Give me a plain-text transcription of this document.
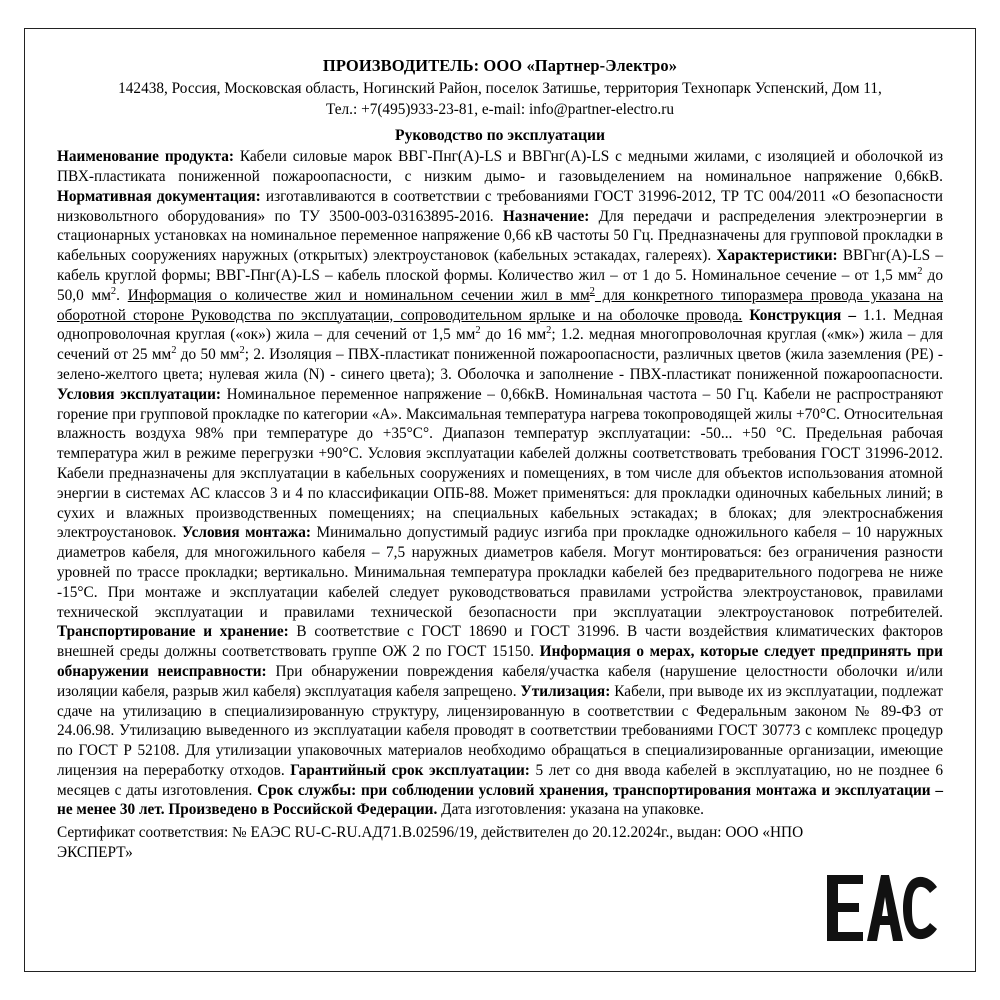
ПРОИЗВОДИТЕЛЬ: ООО «Партнер-Электро»
142438, Россия, Московская область, Ногинский Район, поселок Затишье, территория Технопарк Успенский, Дом 11,
Тел.: +7(495)933-23-81, e-mail: info@partner-electro.ru
Руководство по эксплуатации

Наименование продукта: Кабели силовые марок ВВГ-Пнг(А)-LS и ВВГнг(А)-LS с медными жилами, с изоляцией и оболочкой из ПВХ-пластиката пониженной пожароопасности, с низким дымо- и газовыделением на номинальное напряжение 0,66кВ. Нормативная документация: изготавливаются в соответствии с требованиями ГОСТ 31996-2012, ТР ТС 004/2011 «О безопасности низковольтного оборудования» по ТУ 3500-003-03163895-2016. Назначение: Для передачи и распределения электроэнергии в стационарных установках на номинальное переменное напряжение 0,66 кВ частоты 50 Гц. Предназначены для групповой прокладки в кабельных сооружениях наружных (открытых) электроустановок (кабельных эстакадах, галереях). Характеристики: ВВГнг(А)-LS – кабель круглой формы; ВВГ-Пнг(А)-LS – кабель плоской формы. Количество жил – от 1 до 5. Номинальное сечение – от 1,5 $мм^2$ до 50,0 $мм^2$. Информация о количестве жил и номинальном сечении жил в $мм^2$ для конкретного типоразмера провода указана на оборотной стороне Руководства по эксплуатации, сопроводительном ярлыке и на оболочке провода. Конструкция – 1.1. Медная однопроволочная круглая («ок») жила – для сечений от 1,5 $мм^2$ до 16 $мм^2$; 1.2. медная многопроволочная круглая («мк») жила – для сечений от 25 $мм^2$ до 50 $мм^2$; 2. Изоляция – ПВХ-пластикат пониженной пожароопасности, различных цветов (жила заземления (РЕ) - зелено-желтого цвета; нулевая жила (N) - синего цвета); 3. Оболочка и заполнение - ПВХ-пластикат пониженной пожароопасности. Условия эксплуатации: Номинальное переменное напряжение – 0,66кВ. Номинальная частота – 50 Гц. Кабели не распространяют горение при групповой прокладке по категории «А». Максимальная температура нагрева токопроводящей жилы +70°С. Относительная влажность воздуха 98% при температуре до +35°С°. Диапазон температур эксплуатации: -50... +50 °С. Предельная рабочая температура жил в режиме перегрузки +90°С. Условия эксплуатации кабелей должны соответствовать требования ГОСТ 31996-2012. Кабели предназначены для эксплуатации в кабельных сооружениях и помещениях, в том числе для объектов использования атомной энергии в системах АС классов 3 и 4 по классификации ОПБ-88. Может применяться: для прокладки одиночных кабельных линий; в сухих и влажных производственных помещениях; на специальных кабельных эстакадах; в блоках; для электроснабжения электроустановок. Условия монтажа: Минимально допустимый радиус изгиба при прокладке одножильного кабеля – 10 наружных диаметров кабеля, для многожильного кабеля – 7,5 наружных диаметров кабеля. Могут монтироваться: без ограничения разности уровней по трассе прокладки; вертикально. Минимальная температура прокладки кабелей без предварительного подогрева не ниже -15°С. При монтаже и эксплуатации кабелей следует руководствоваться правилами устройства электроустановок, правилами технической эксплуатации и правилами технической безопасности при эксплуатации электроустановок потребителей. Транспортирование и хранение: В соответствие с ГОСТ 18690 и ГОСТ 31996. В части воздействия климатических факторов внешней среды должны соответствовать группе ОЖ 2 по ГОСТ 15150. Информация о мерах, которые следует предпринять при обнаружении неисправности: При обнаружении повреждения кабеля/участка кабеля (нарушение целостности оболочки и/или изоляции кабеля, разрыв жил кабеля) эксплуатация кабеля запрещено. Утилизация: Кабели, при выводе их из эксплуатации, подлежат сдаче на утилизацию в специализированную структуру, лицензированную в соответствии с Федеральным законом № 89-ФЗ от 24.06.98. Утилизацию выведенного из эксплуатации кабеля проводят в соответствии требованиями ГОСТ 30773 с комплекс процедур по ГОСТ Р 52108. Для утилизации упаковочных материалов необходимо обращаться в специализированные организации, имеющие лицензия на переработку отходов. Гарантийный срок эксплуатации: 5 лет со дня ввода кабелей в эксплуатацию, но не позднее 6 месяцев с даты изготовления. Срок службы: при соблюдении условий хранения, транспортирования монтажа и эксплуатации – не менее 30 лет. Произведено в Российской Федерации. Дата изготовления: указана на упаковке.

Сертификат соответствия: № ЕАЭС RU-C-RU.АД71.В.02596/19, действителен до 20.12.2024г., выдан: ООО «НПО ЭКСПЕРТ»
